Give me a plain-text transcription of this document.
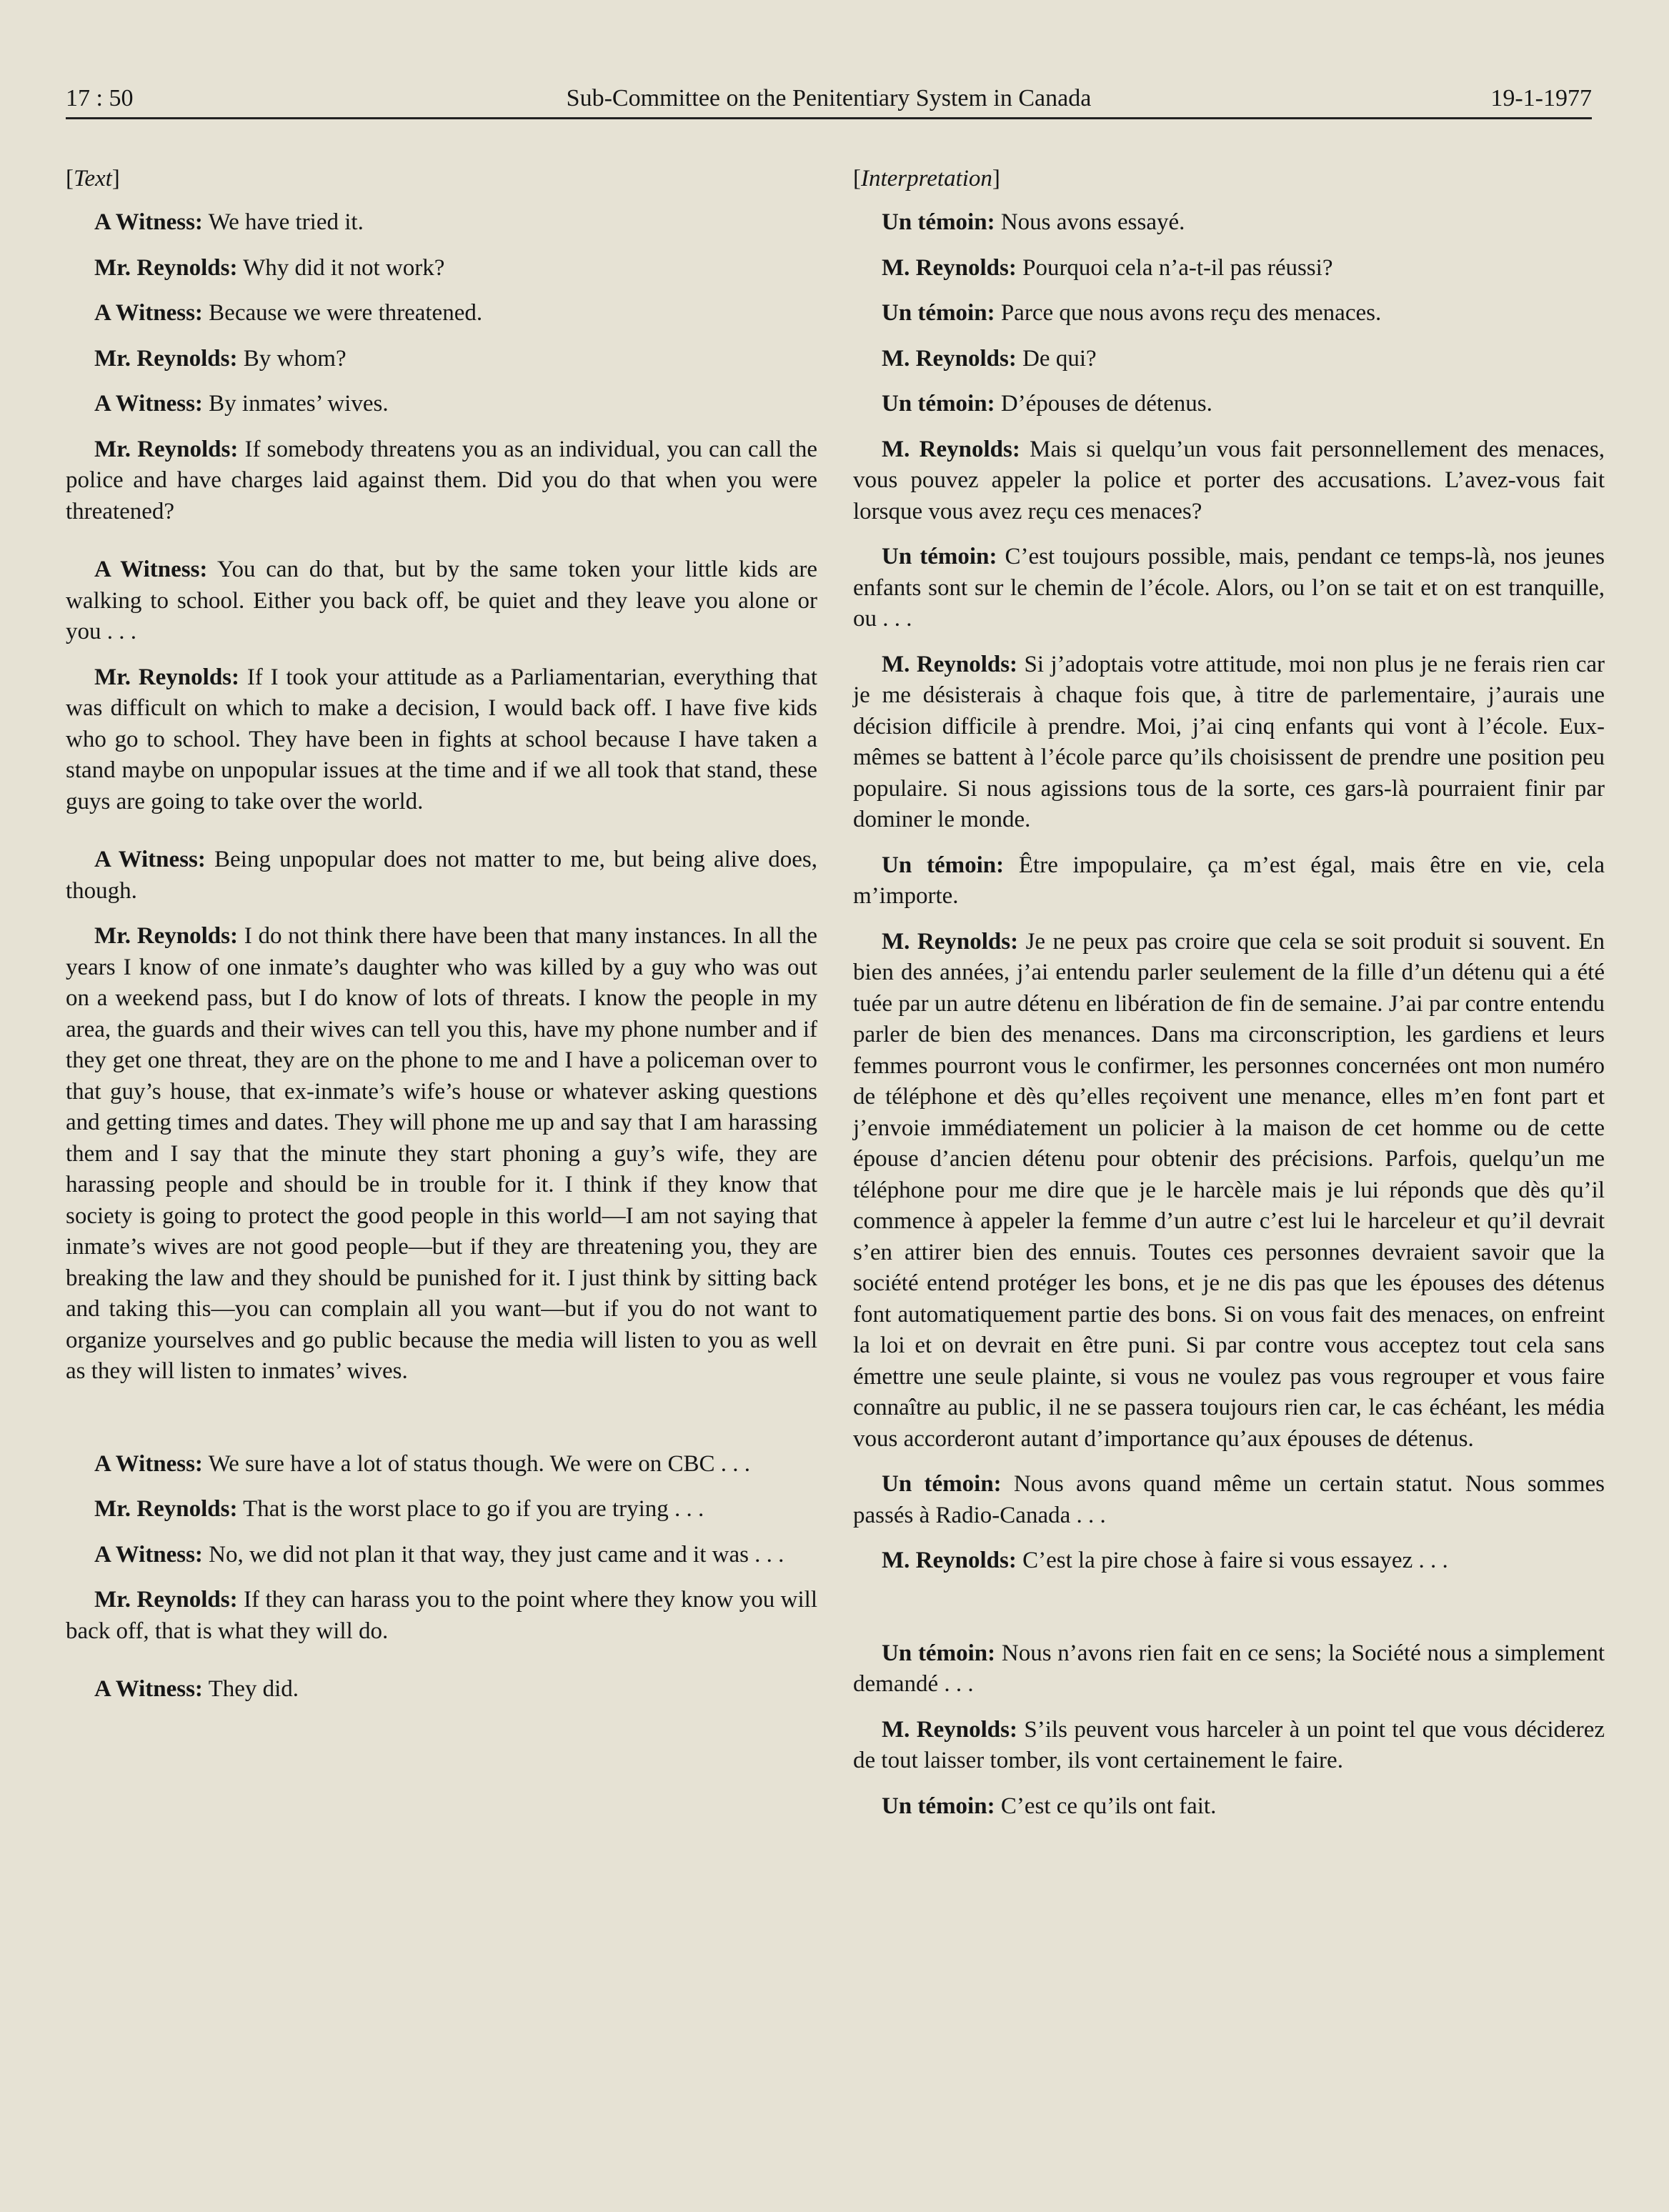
17 : 50	Sub-Committee on the Penitentiary System in Canada	19-1-1977
[Text]

A Witness: We have tried it.

Mr. Reynolds: Why did it not work?

A Witness: Because we were threatened.

Mr. Reynolds: By whom?

A Witness: By inmates’ wives.

Mr. Reynolds: If somebody threatens you as an individual, you can call the police and have charges laid against them. Did you do that when you were threatened?

A Witness: You can do that, but by the same token your little kids are walking to school. Either you back off, be quiet and they leave you alone or you . . .

Mr. Reynolds: If I took your attitude as a Parliamentarian, everything that was difficult on which to make a decision, I would back off. I have five kids who go to school. They have been in fights at school because I have taken a stand maybe on unpopular issues at the time and if we all took that stand, these guys are going to take over the world.

A Witness: Being unpopular does not matter to me, but being alive does, though.

Mr. Reynolds: I do not think there have been that many instances. In all the years I know of one inmate’s daughter who was killed by a guy who was out on a weekend pass, but I do know of lots of threats. I know the people in my area, the guards and their wives can tell you this, have my phone number and if they get one threat, they are on the phone to me and I have a policeman over to that guy’s house, that ex-inmate’s wife’s house or whatever asking questions and getting times and dates. They will phone me up and say that I am harassing them and I say that the minute they start phoning a guy’s wife, they are harassing people and should be in trouble for it. I think if they know that society is going to protect the good people in this world—I am not saying that inmate’s wives are not good people—but if they are threatening you, they are breaking the law and they should be punished for it. I just think by sitting back and taking this—you can complain all you want—but if you do not want to organize yourselves and go public because the media will listen to you as well as they will listen to inmates’ wives.

A Witness: We sure have a lot of status though. We were on CBC . . .

Mr. Reynolds: That is the worst place to go if you are trying . . .

A Witness: No, we did not plan it that way, they just came and it was . . .

Mr. Reynolds: If they can harass you to the point where they know you will back off, that is what they will do.

A Witness: They did.

[Interpretation]

Un témoin: Nous avons essayé.

M. Reynolds: Pourquoi cela n’a-t-il pas réussi?

Un témoin: Parce que nous avons reçu des menaces.

M. Reynolds: De qui?

Un témoin: D’épouses de détenus.

M. Reynolds: Mais si quelqu’un vous fait personnellement des menaces, vous pouvez appeler la police et porter des accusations. L’avez-vous fait lorsque vous avez reçu ces menaces?

Un témoin: C’est toujours possible, mais, pendant ce temps-là, nos jeunes enfants sont sur le chemin de l’école. Alors, ou l’on se tait et on est tranquille, ou . . .

M. Reynolds: Si j’adoptais votre attitude, moi non plus je ne ferais rien car je me désisterais à chaque fois que, à titre de parlementaire, j’aurais une décision difficile à prendre. Moi, j’ai cinq enfants qui vont à l’école. Eux-mêmes se battent à l’école parce qu’ils choisissent de prendre une position peu populaire. Si nous agissions tous de la sorte, ces gars-là pourraient finir par dominer le monde.

Un témoin: Être impopulaire, ça m’est égal, mais être en vie, cela m’importe.

M. Reynolds: Je ne peux pas croire que cela se soit produit si souvent. En bien des années, j’ai entendu parler seulement de la fille d’un détenu qui a été tuée par un autre détenu en libération de fin de semaine. J’ai par contre entendu parler de bien des menances. Dans ma circonscription, les gardiens et leurs femmes pourront vous le confirmer, les personnes concernées ont mon numéro de téléphone et dès qu’elles reçoivent une menance, elles m’en font part et j’envoie immédiatement un policier à la maison de cet homme ou de cette épouse d’ancien détenu pour obtenir des précisions. Parfois, quelqu’un me téléphone pour me dire que je le harcèle mais je lui réponds que dès qu’il commence à appeler la femme d’un autre c’est lui le harceleur et qu’il devrait s’en attirer bien des ennuis. Toutes ces personnes devraient savoir que la société entend protéger les bons, et je ne dis pas que les épouses des détenus font automatiquement partie des bons. Si on vous fait des menaces, on enfreint la loi et on devrait en être puni. Si par contre vous acceptez tout cela sans émettre une seule plainte, si vous ne voulez pas vous regrouper et vous faire connaître au public, il ne se passera toujours rien car, le cas échéant, les média vous accorderont autant d’importance qu’aux épouses de détenus.

Un témoin: Nous avons quand même un certain statut. Nous sommes passés à Radio-Canada . . .

M. Reynolds: C’est la pire chose à faire si vous essayez . . .

Un témoin: Nous n’avons rien fait en ce sens; la Société nous a simplement demandé . . .

M. Reynolds: S’ils peuvent vous harceler à un point tel que vous déciderez de tout laisser tomber, ils vont certainement le faire.

Un témoin: C’est ce qu’ils ont fait.
